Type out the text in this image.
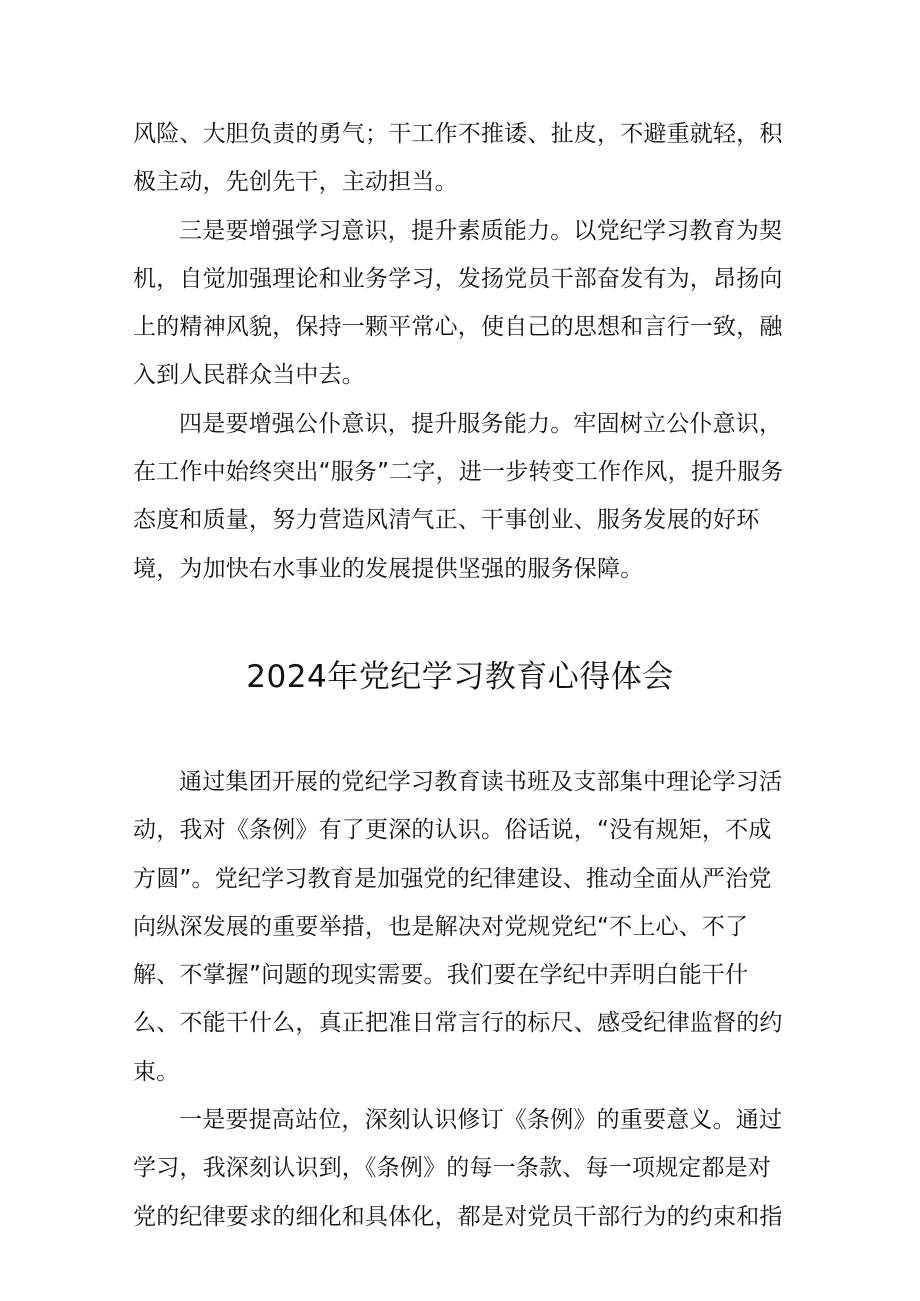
风险、大胆负责的勇气；干工作不推诿、扯皮，不避重就轻，积极主动，先创先干，主动担当。

三是要增强学习意识，提升素质能力。以党纪学习教育为契机，自觉加强理论和业务学习，发扬党员干部奋发有为，昂扬向上的精神风貌，保持一颗平常心，使自己的思想和言行一致，融入到人民群众当中去。

四是要增强公仆意识，提升服务能力。牢固树立公仆意识，在工作中始终突出“服务”二字，进一步转变工作作风，提升服务态度和质量，努力营造风清气正、干事创业、服务发展的好环境，为加快右水事业的发展提供坚强的服务保障。

2024年党纪学习教育心得体会

通过集团开展的党纪学习教育读书班及支部集中理论学习活动，我对《条例》有了更深的认识。俗话说，“没有规矩，不成方圆”。党纪学习教育是加强党的纪律建设、推动全面从严治党向纵深发展的重要举措，也是解决对党规党纪“不上心、不了解、不掌握”问题的现实需要。我们要在学纪中弄明白能干什么、不能干什么，真正把准日常言行的标尺、感受纪律监督的约束。

一是要提高站位，深刻认识修订《条例》的重要意义。通过学习，我深刻认识到，《条例》的每一条款、每一项规定都是对党的纪律要求的细化和具体化，都是对党员干部行为的约束和指
